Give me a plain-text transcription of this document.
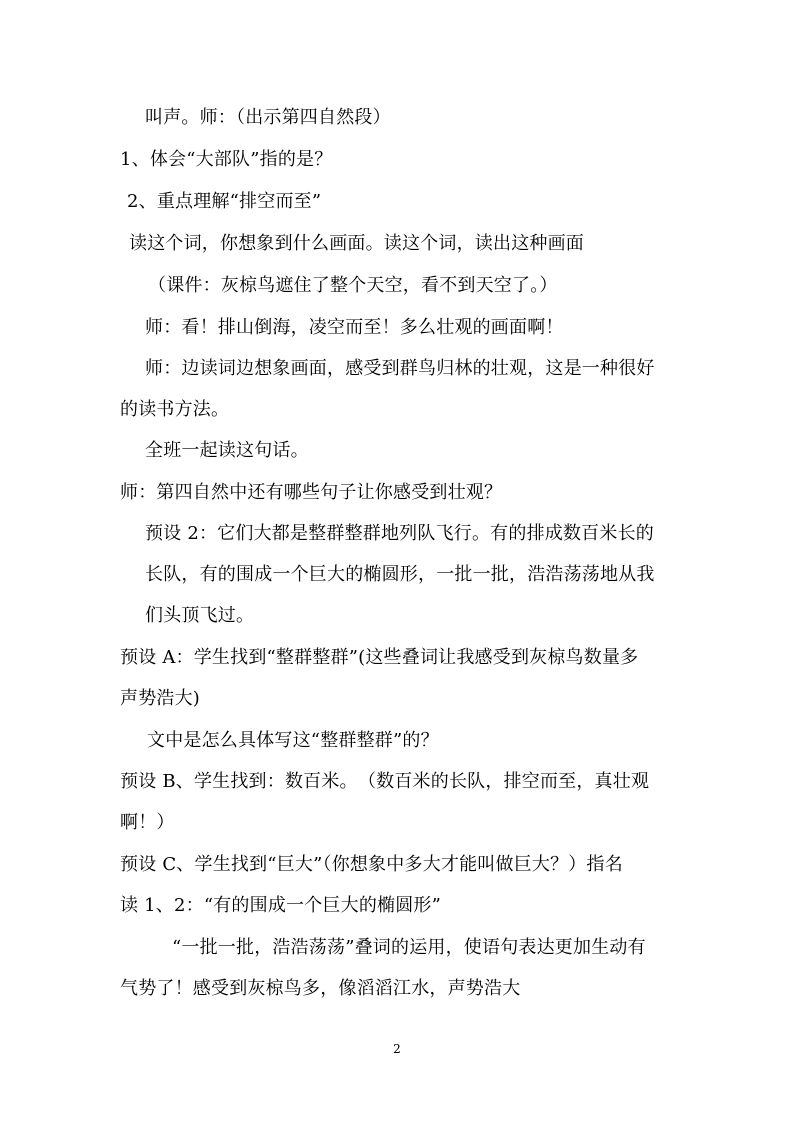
叫声。师：（出示第四自然段）
1、体会“大部队”指的是？
2、重点理解“排空而至”
读这个词，你想象到什么画面。读这个词，读出这种画面
（课件：灰椋鸟遮住了整个天空，看不到天空了。）
师：看！排山倒海，凌空而至！多么壮观的画面啊！
师：边读词边想象画面，感受到群鸟归林的壮观，这是一种很好
的读书方法。
全班一起读这句话。
师：第四自然中还有哪些句子让你感受到壮观？
预设 2：它们大都是整群整群地列队飞行。有的排成数百米长的
长队，有的围成一个巨大的椭圆形，一批一批，浩浩荡荡地从我
们头顶飞过。
预设 A：学生找到“整群整群”(这些叠词让我感受到灰椋鸟数量多
声势浩大)
文中是怎么具体写这“整群整群”的？
预设 B、学生找到：数百米。　（数百米的长队，排空而至，真壮观
啊！）
预设 C、学生找到“巨大”（你想象中多大才能叫做巨大？）指名
读 1、2：“有的围成一个巨大的椭圆形”
“一批一批，浩浩荡荡”叠词的运用，使语句表达更加生动有
气势了！感受到灰椋鸟多，像滔滔江水，声势浩大
2
